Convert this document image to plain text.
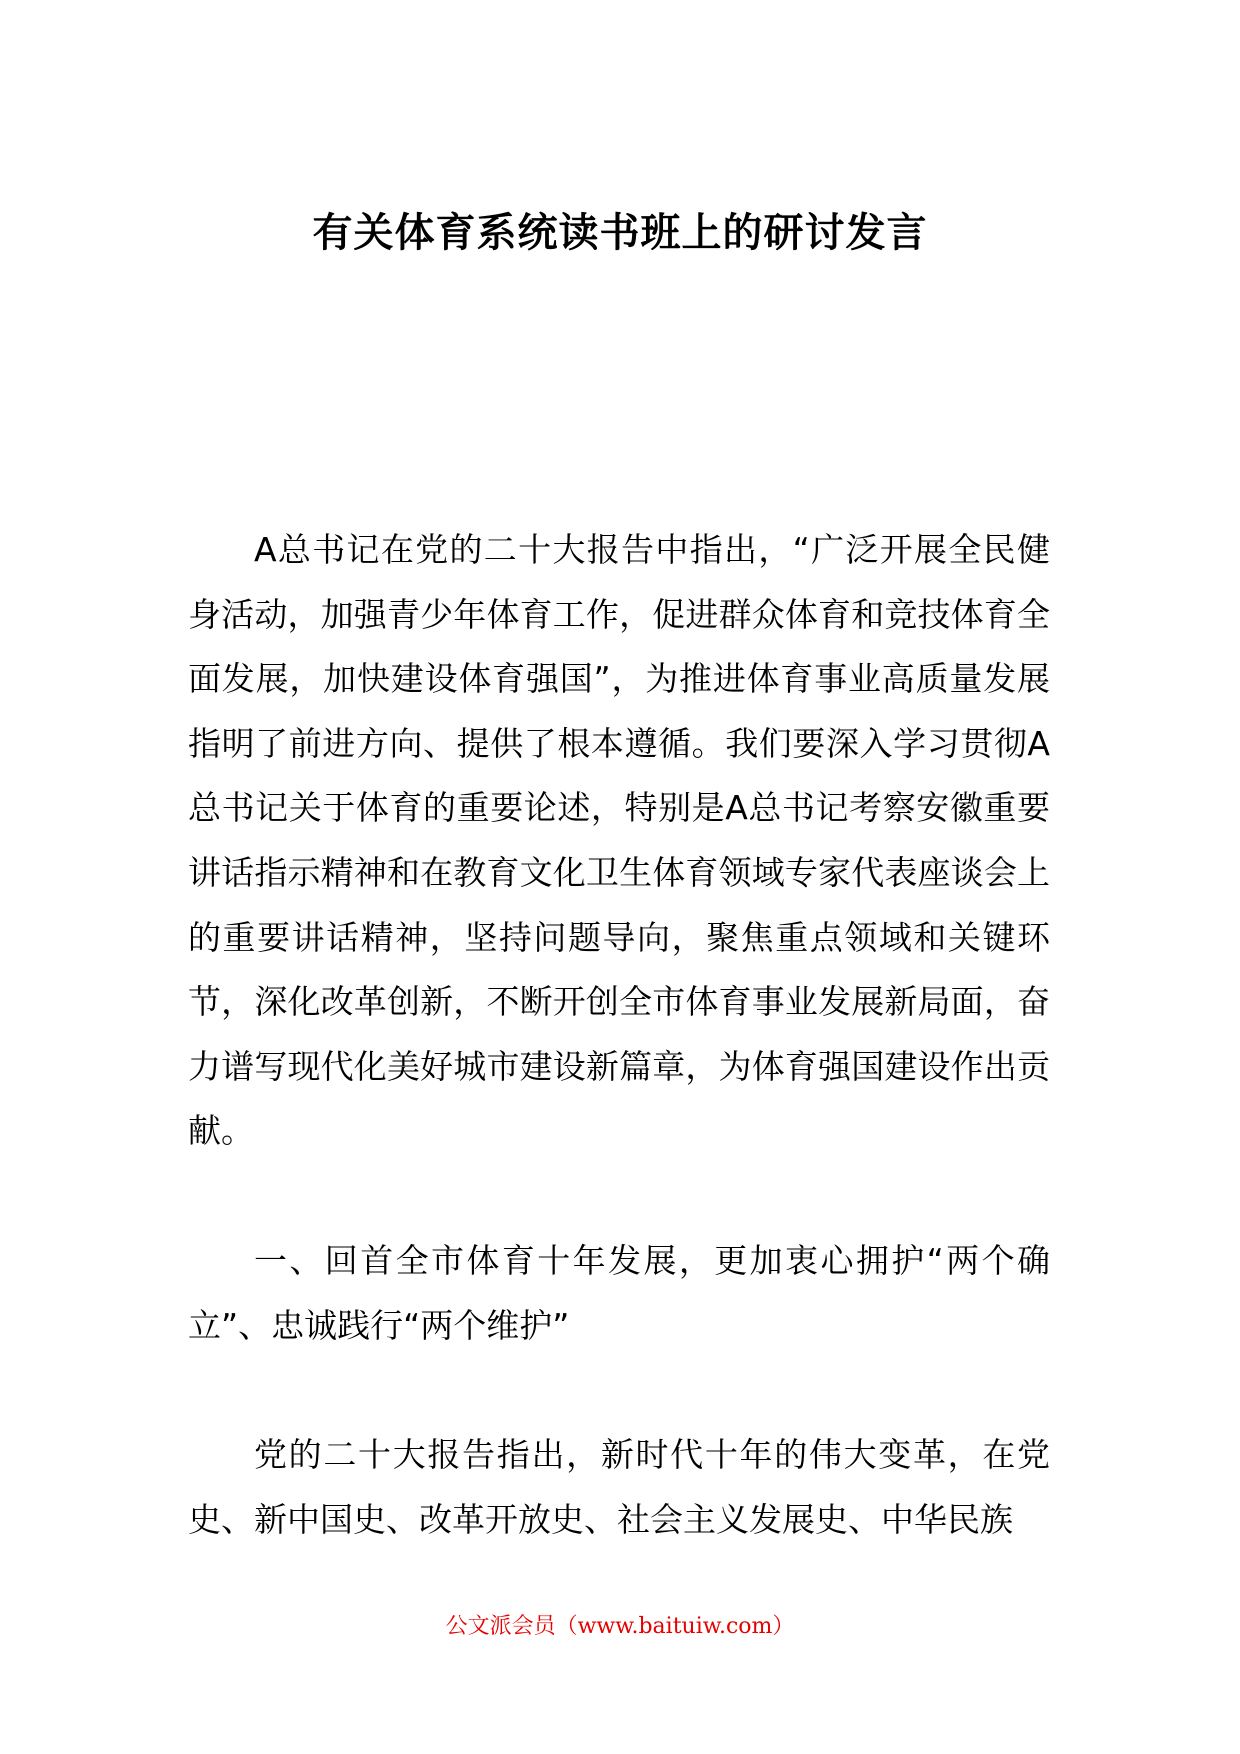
有关体育系统读书班上的研讨发言

A总书记在党的二十大报告中指出，“广泛开展全民健身活动，加强青少年体育工作，促进群众体育和竞技体育全面发展，加快建设体育强国”，为推进体育事业高质量发展指明了前进方向、提供了根本遵循。我们要深入学习贯彻A总书记关于体育的重要论述，特别是A总书记考察安徽重要讲话指示精神和在教育文化卫生体育领域专家代表座谈会上的重要讲话精神，坚持问题导向，聚焦重点领域和关键环节，深化改革创新，不断开创全市体育事业发展新局面，奋力谱写现代化美好城市建设新篇章，为体育强国建设作出贡献。

一、回首全市体育十年发展，更加衷心拥护“两个确立”、忠诚践行“两个维护”

党的二十大报告指出，新时代十年的伟大变革，在党史、新中国史、改革开放史、社会主义发展史、中华民族

公文派会员（www.baituiw.com）
